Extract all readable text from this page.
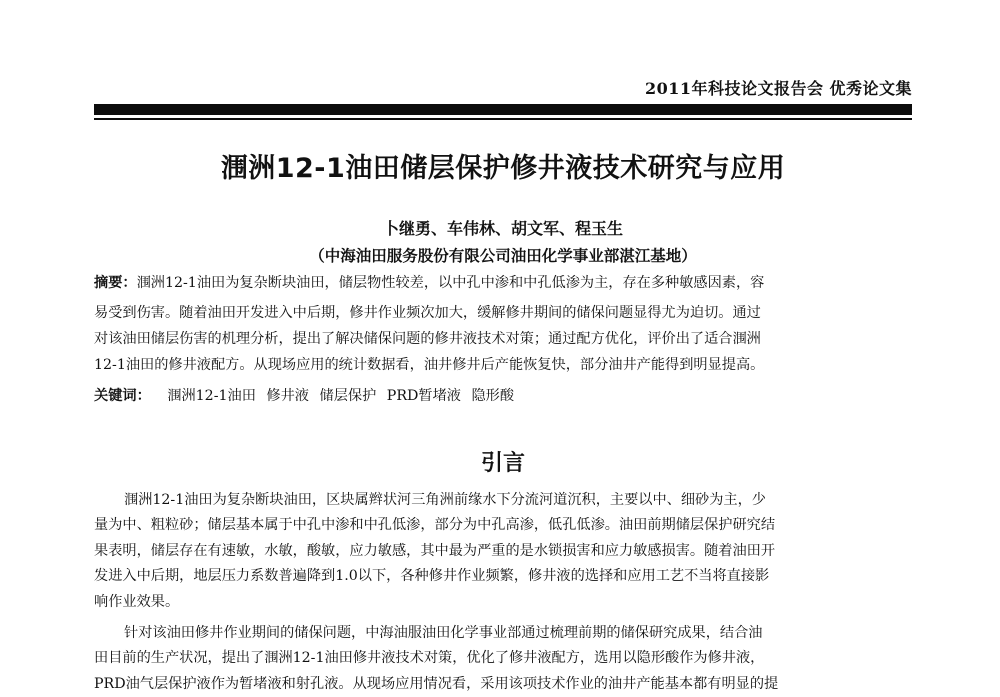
2011年科技论文报告会 优秀论文集
涠洲12-1油田储层保护修井液技术研究与应用
卜继勇、车伟林、胡文军、程玉生
（中海油田服务股份有限公司油田化学事业部湛江基地）
摘要：涠洲12-1油田为复杂断块油田，储层物性较差，以中孔中渗和中孔低渗为主，存在多种敏感因素，容
易受到伤害。随着油田开发进入中后期，修井作业频次加大，缓解修井期间的储保问题显得尤为迫切。通过
对该油田储层伤害的机理分析，提出了解决储保问题的修井液技术对策；通过配方优化，评价出了适合涠洲
12-1油田的修井液配方。从现场应用的统计数据看，油井修井后产能恢复快，部分油井产能得到明显提高。
关键词： 涠洲12-1油田 修井液 储层保护 PRD暂堵液 隐形酸
引言
涠洲12-1油田为复杂断块油田，区块属辫状河三角洲前缘水下分流河道沉积，主要以中、细砂为主，少
量为中、粗粒砂；储层基本属于中孔中渗和中孔低渗，部分为中孔高渗，低孔低渗。油田前期储层保护研究结
果表明，储层存在有速敏，水敏，酸敏，应力敏感，其中最为严重的是水锁损害和应力敏感损害。随着油田开
发进入中后期，地层压力系数普遍降到1.0以下，各种修井作业频繁，修井液的选择和应用工艺不当将直接影
响作业效果。
针对该油田修井作业期间的储保问题，中海油服油田化学事业部通过梳理前期的储保研究成果，结合油
田目前的生产状况，提出了涠洲12-1油田修井液技术对策，优化了修井液配方，选用以隐形酸作为修井液，
PRD油气层保护液作为暂堵液和射孔液。从现场应用情况看，采用该项技术作业的油井产能基本都有明显的提
